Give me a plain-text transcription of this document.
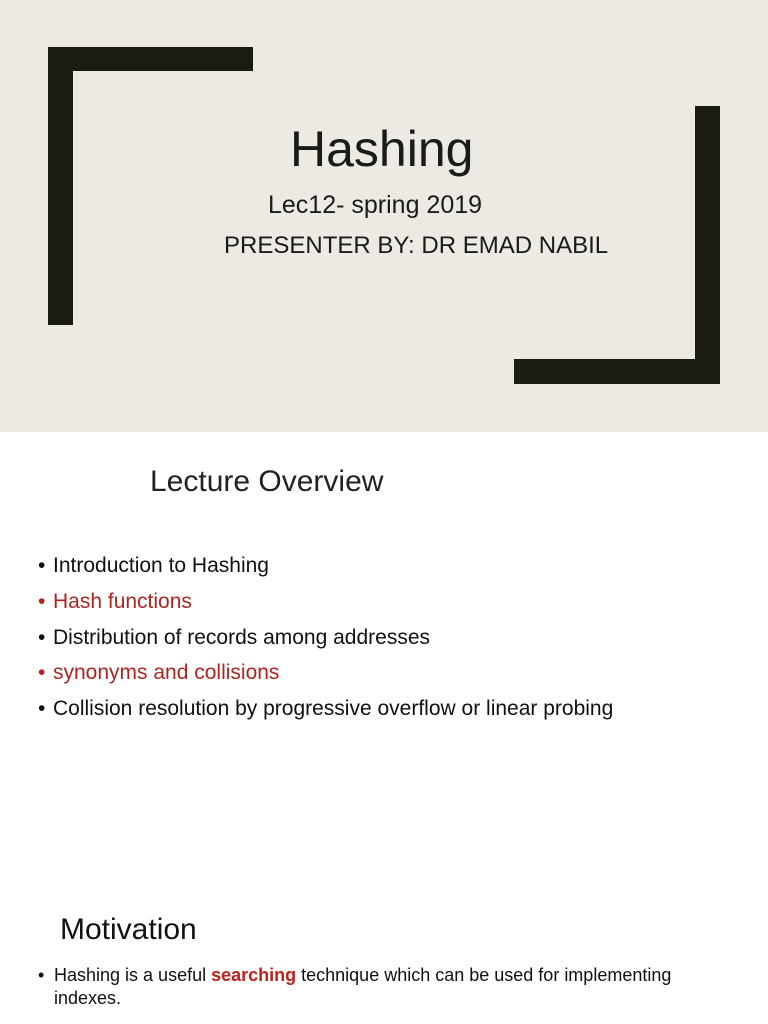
Hashing
Lec12- spring 2019
PRESENTER BY: DR EMAD NABIL
Lecture Overview
• Introduction to Hashing
• Hash functions
• Distribution of records among addresses
• synonyms and collisions
• Collision resolution by progressive overflow or linear probing
Motivation
• Hashing is a useful searching technique which can be used for implementing
indexes.
